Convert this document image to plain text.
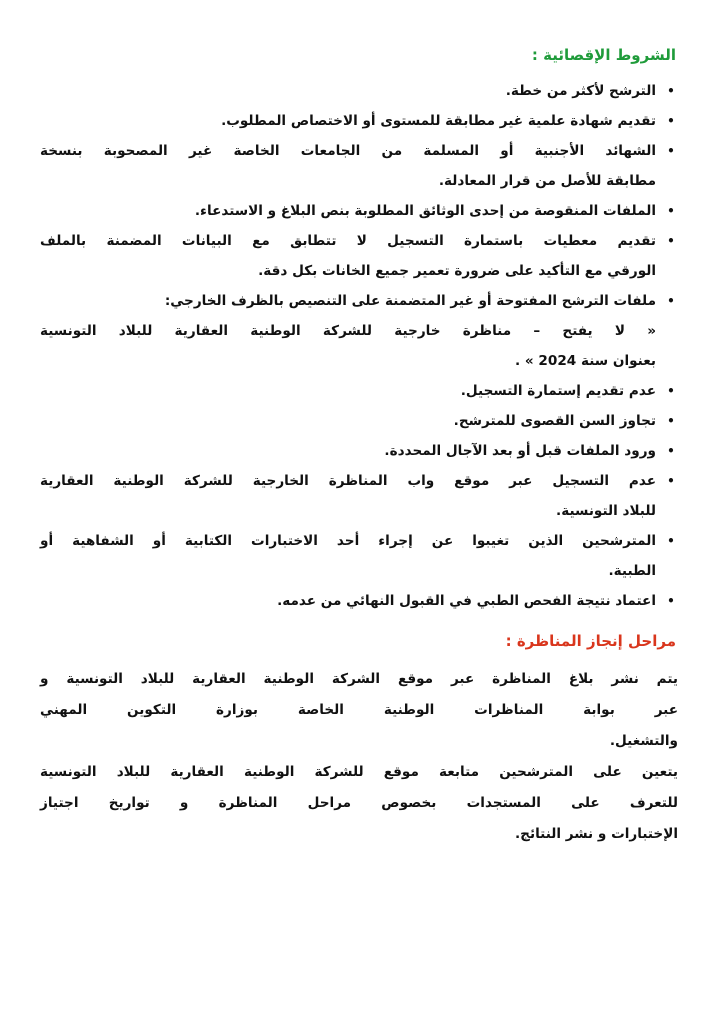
الشروط الإقصائية :
•
الترشح لأكثر من خطة.
•
تقديم شهادة علمية غير مطابقة للمستوى أو الاختصاص المطلوب.
•
الشهائد الأجنبية أو المسلمة من الجامعات الخاصة غير المصحوبة بنسخة
مطابقة للأصل من قرار المعادلة.
•
الملفات المنقوصة من إحدى الوثائق المطلوبة بنص البلاغ و الاستدعاء.
•
تقديم معطيات باستمارة التسجيل لا تتطابق مع البيانات المضمنة بالملف
الورقي مع التأكيد على ضرورة تعمير جميع الخانات بكل دقة.
•
ملفات الترشح المفتوحة أو غير المتضمنة على التنصيص بالظرف الخارجي:
« لا يفتح – مناظرة خارجية للشركة الوطنية العقارية للبلاد التونسية
بعنوان سنة 2024 » .
•
عدم تقديم إستمارة التسجيل.
•
تجاوز السن القصوى للمترشح.
•
ورود الملفات قبل أو بعد الآجال المحددة.
•
عدم التسجيل عبر موقع واب المناظرة الخارجية للشركة الوطنية العقارية
للبلاد التونسية.
•
المترشحين الذين تغيبوا عن إجراء أحد الاختبارات الكتابية أو الشفاهية أو
الطبية.
•
اعتماد نتيجة الفحص الطبي في القبول النهائي من عدمه.
مراحل إنجاز المناظرة :

يتم نشر بلاغ المناظرة عبر موقع الشركة الوطنية العقارية للبلاد التونسية و
عبر بوابة المناظرات الوطنية الخاصة بوزارة التكوين المهني
والتشغيل.

يتعين على المترشحين متابعة موقع للشركة الوطنية العقارية للبلاد التونسية
للتعرف على المستجدات بخصوص مراحل المناظرة و تواريخ اجتياز
الإختبارات و نشر النتائج.
